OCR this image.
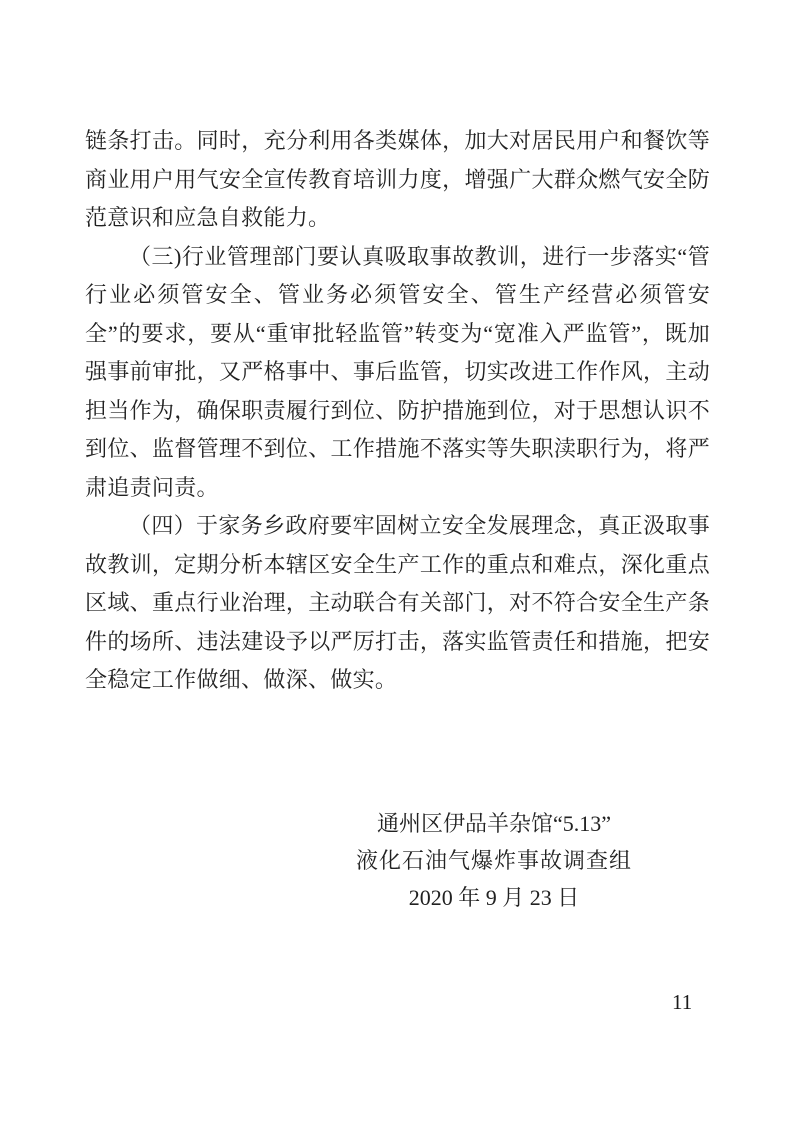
链条打击。同时，充分利用各类媒体，加大对居民用户和餐饮等商业用户用气安全宣传教育培训力度，增强广大群众燃气安全防范意识和应急自救能力。

（三)行业管理部门要认真吸取事故教训，进行一步落实“管行业必须管安全、管业务必须管安全、管生产经营必须管安全”的要求，要从“重审批轻监管”转变为“宽准入严监管”，既加强事前审批，又严格事中、事后监管，切实改进工作作风，主动担当作为，确保职责履行到位、防护措施到位，对于思想认识不到位、监督管理不到位、工作措施不落实等失职渎职行为，将严肃追责问责。

（四）于家务乡政府要牢固树立安全发展理念，真正汲取事故教训，定期分析本辖区安全生产工作的重点和难点，深化重点区域、重点行业治理，主动联合有关部门，对不符合安全生产条件的场所、违法建设予以严厉打击，落实监管责任和措施，把安全稳定工作做细、做深、做实。

通州区伊品羊杂馆“5.13”
液化石油气爆炸事故调查组
2020 年 9 月 23 日
11
